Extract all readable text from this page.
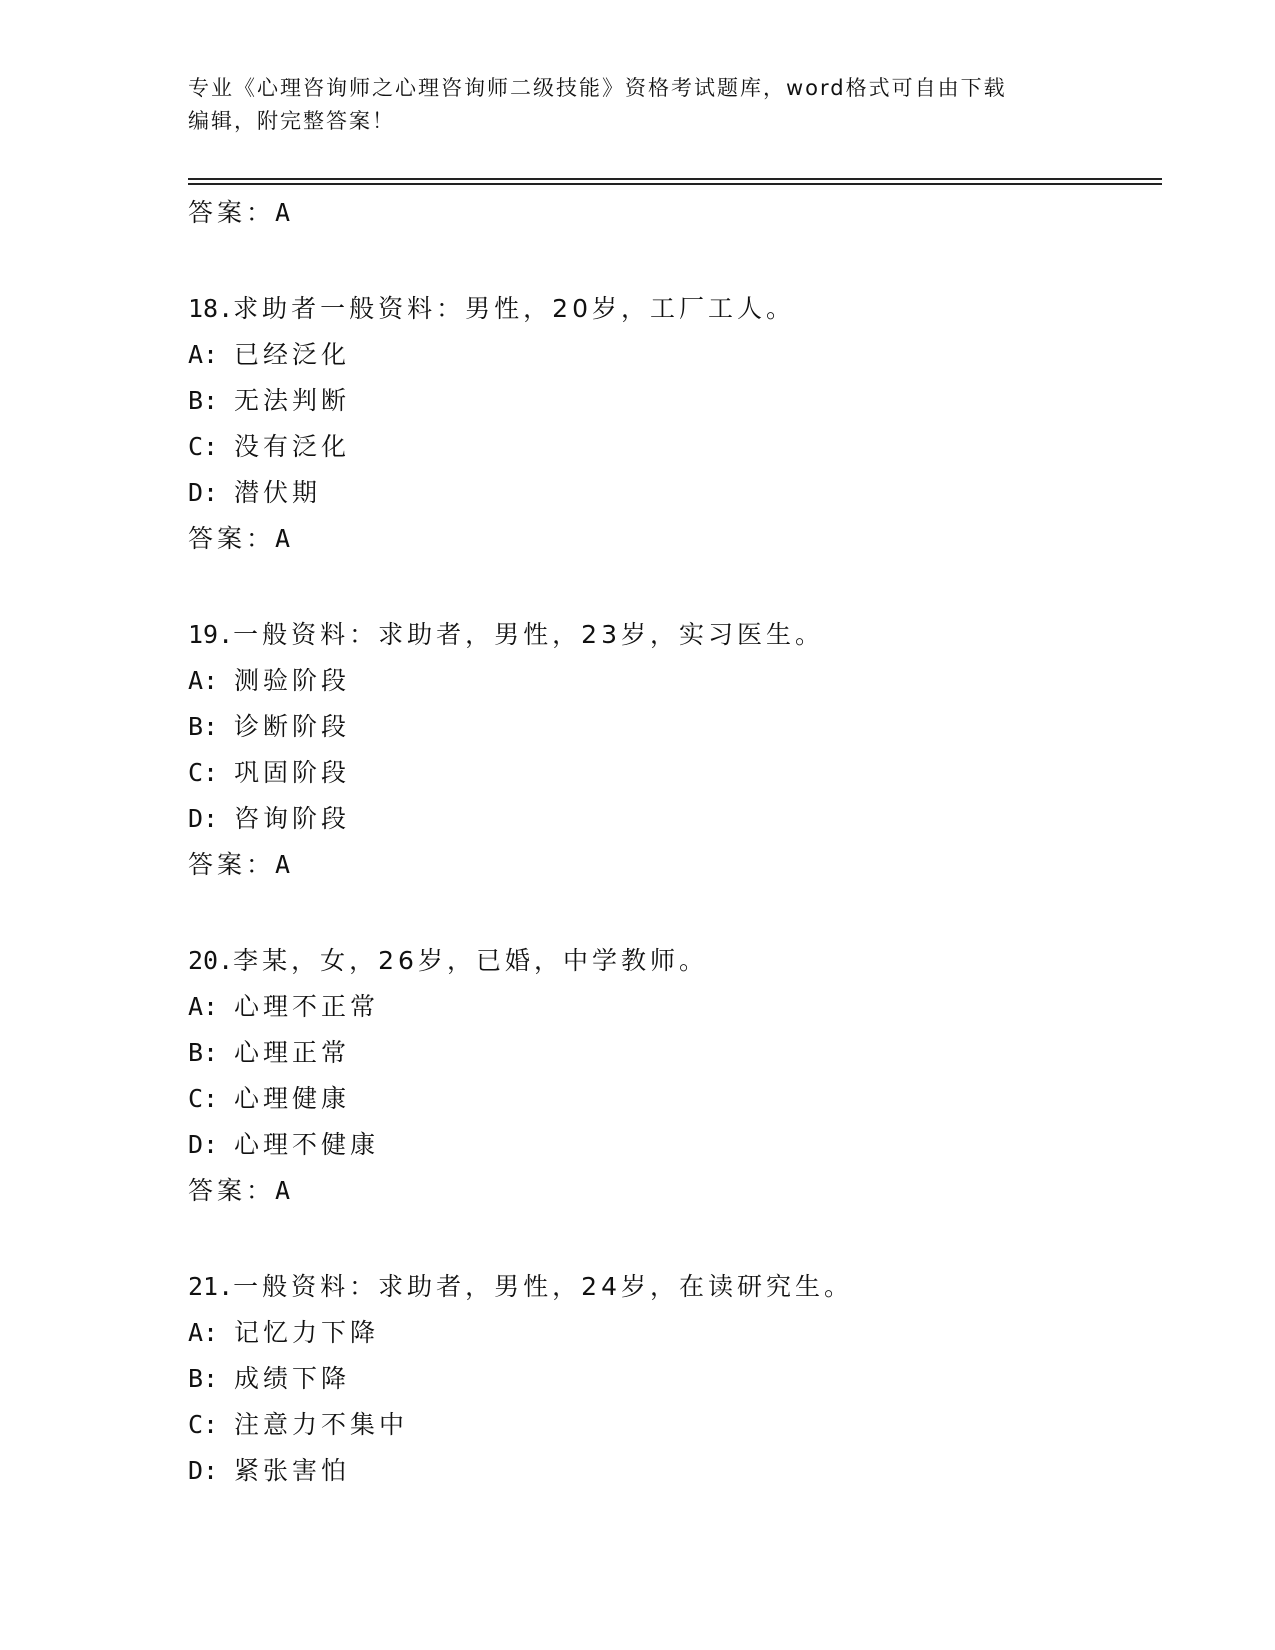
专业《心理咨询师之心理咨询师二级技能》资格考试题库，word格式可自由下载
编辑，附完整答案！
答案：A
18.求助者一般资料：男性，20岁，工厂工人。
A: 已经泛化
B: 无法判断
C: 没有泛化
D: 潜伏期
答案：A
19.一般资料：求助者，男性，23岁，实习医生。
A: 测验阶段
B: 诊断阶段
C: 巩固阶段
D: 咨询阶段
答案：A
20.李某，女，26岁，已婚，中学教师。
A: 心理不正常
B: 心理正常
C: 心理健康
D: 心理不健康
答案：A
21.一般资料：求助者，男性，24岁，在读研究生。
A: 记忆力下降
B: 成绩下降
C: 注意力不集中
D: 紧张害怕
